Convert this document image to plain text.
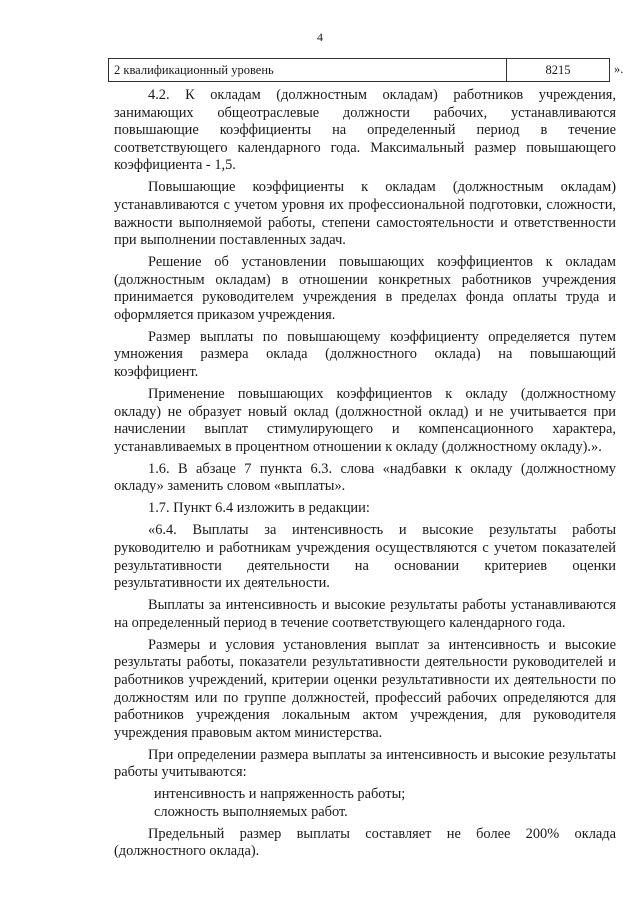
4
2 квалификационный уровень	8215	».

4.2. К окладам (должностным окладам) работников учреждения, занимающих общеотраслевые должности рабочих, устанавливаются повышающие коэффициенты на определенный период в течение соответствующего календарного года. Максимальный размер повышающего коэффициента - 1,5.

Повышающие коэффициенты к окладам (должностным окладам) устанавливаются с учетом уровня их профессиональной подготовки, сложности, важности выполняемой работы, степени самостоятельности и ответственности при выполнении поставленных задач.

Решение об установлении повышающих коэффициентов к окладам (должностным окладам) в отношении конкретных работников учреждения принимается руководителем учреждения в пределах фонда оплаты труда и оформляется приказом учреждения.

Размер выплаты по повышающему коэффициенту определяется путем умножения размера оклада (должностного оклада) на повышающий коэффициент.

Применение повышающих коэффициентов к окладу (должностному окладу) не образует новый оклад (должностной оклад) и не учитывается при начислении выплат стимулирующего и компенсационного характера, устанавливаемых в процентном отношении к окладу (должностному окладу).».

1.6. В абзаце 7 пункта 6.3. слова «надбавки к окладу (должностному окладу» заменить словом «выплаты».

1.7. Пункт 6.4 изложить в редакции:

«6.4. Выплаты за интенсивность и высокие результаты работы руководителю и работникам учреждения осуществляются с учетом показателей результативности деятельности на основании критериев оценки результативности их деятельности.

Выплаты за интенсивность и высокие результаты работы устанавливаются на определенный период в течение соответствующего календарного года.

Размеры и условия установления выплат за интенсивность и высокие результаты работы, показатели результативности деятельности руководителей и работников учреждений, критерии оценки результативности их деятельности по должностям или по группе должностей, профессий рабочих определяются для работников учреждения локальным актом учреждения, для руководителя учреждения правовым актом министерства.

При определении размера выплаты за интенсивность и высокие результаты работы учитываются:

интенсивность и напряженность работы;

сложность выполняемых работ.

Предельный размер выплаты составляет не более 200% оклада (должностного оклада).
